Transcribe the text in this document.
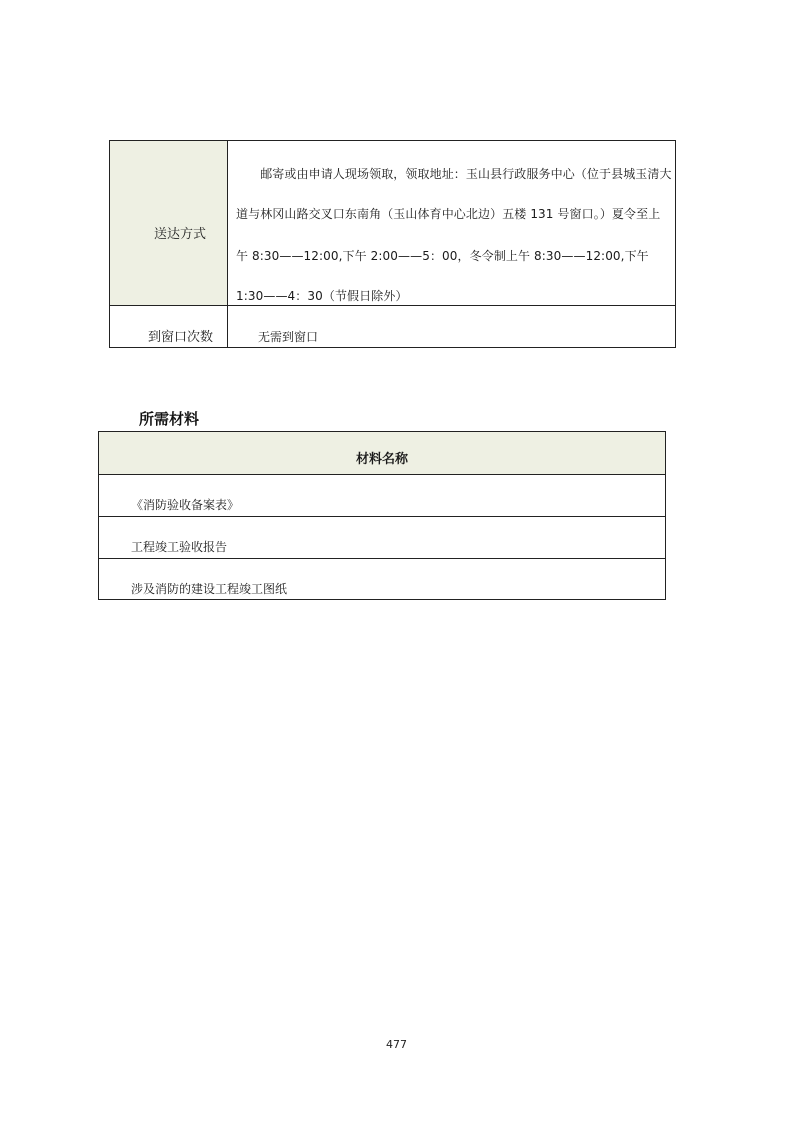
送达方式
　　邮寄或由申请人现场领取，领取地址：玉山县行政服务中心（位于县城玉清大
道与林冈山路交叉口东南角（玉山体育中心北边）五楼 131 号窗口。）夏令至上
午 8:30——12:00,下午 2:00——5：00，冬令制上午 8:30——12:00,下午
1:30——4：30（节假日除外）
到窗口次数	无需到窗口
所需材料
材料名称
《消防验收备案表》
工程竣工验收报告
涉及消防的建设工程竣工图纸
477
